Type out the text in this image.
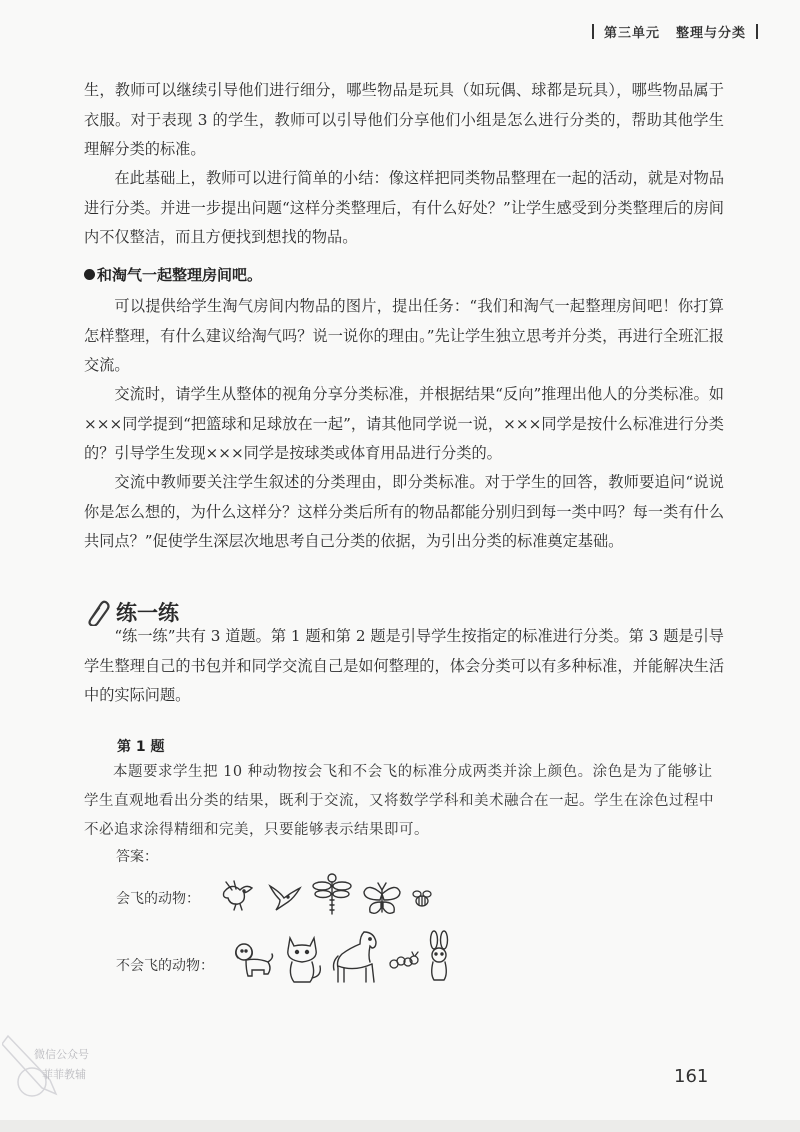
第三单元 整理与分类

生，教师可以继续引导他们进行细分，哪些物品是玩具（如玩偶、球都是玩具），哪些物品属于衣服。对于表现 3 的学生，教师可以引导他们分享他们小组是怎么进行分类的，帮助其他学生理解分类的标准。

在此基础上，教师可以进行简单的小结：像这样把同类物品整理在一起的活动，就是对物品进行分类。并进一步提出问题“这样分类整理后，有什么好处？”让学生感受到分类整理后的房间内不仅整洁，而且方便找到想找的物品。

和淘气一起整理房间吧。

可以提供给学生淘气房间内物品的图片，提出任务：“我们和淘气一起整理房间吧！你打算怎样整理，有什么建议给淘气吗？说一说你的理由。”先让学生独立思考并分类，再进行全班汇报交流。

交流时，请学生从整体的视角分享分类标准，并根据结果“反向”推理出他人的分类标准。如×××同学提到“把篮球和足球放在一起”，请其他同学说一说，×××同学是按什么标准进行分类的？引导学生发现×××同学是按球类或体育用品进行分类的。

交流中教师要关注学生叙述的分类理由，即分类标准。对于学生的回答，教师要追问“说说你是怎么想的，为什么这样分？这样分类后所有的物品都能分别归到每一类中吗？每一类有什么共同点？”促使学生深层次地思考自己分类的依据，为引出分类的标准奠定基础。

练一练

“练一练”共有 3 道题。第 1 题和第 2 题是引导学生按指定的标准进行分类。第 3 题是引导学生整理自己的书包并和同学交流自己是如何整理的，体会分类可以有多种标准，并能解决生活中的实际问题。

第 1 题

本题要求学生把 10 种动物按会飞和不会飞的标准分成两类并涂上颜色。涂色是为了能够让学生直观地看出分类的结果，既利于交流，又将数学学科和美术融合在一起。学生在涂色过程中不必追求涂得精细和完美，只要能够表示结果即可。

答案：
会飞的动物：
不会飞的动物：
微信公众号
菲菲教辅	161
